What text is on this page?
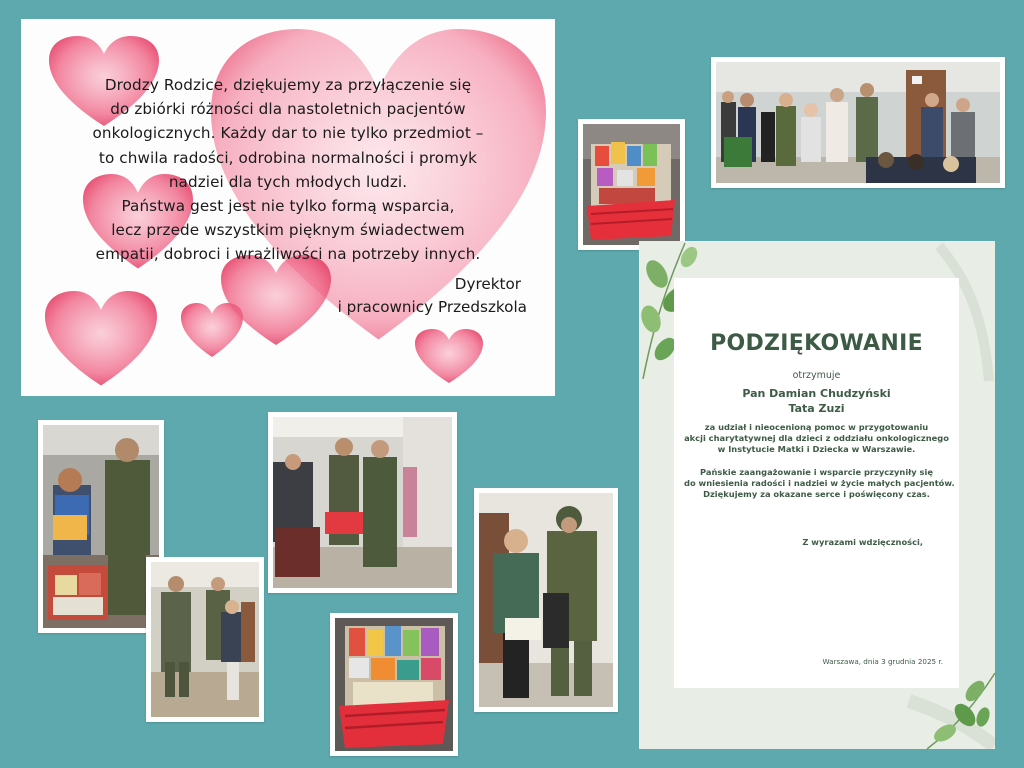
Drodzy Rodzice, dziękujemy za przyłączenie się
do zbiórki różności dla nastoletnich pacjentów
onkologicznych. Każdy dar to nie tylko przedmiot –
to chwila radości, odrobina normalności i promyk
nadziei dla tych młodych ludzi.
Państwa gest jest nie tylko formą wsparcia,
lecz przede wszystkim pięknym świadectwem
empatii, dobroci i wrażliwości na potrzeby innych.
Dyrektor
i pracownicy Przedszkola
PODZIĘKOWANIE
otrzymuje
Pan Damian Chudzyński
Tata Zuzi
za udział i nieocenioną pomoc w przygotowaniu
akcji charytatywnej dla dzieci z oddziału onkologicznego
w Instytucie Matki i Dziecka w Warszawie.

Pańskie zaangażowanie i wsparcie przyczyniły się
do wniesienia radości i nadziei w życie małych pacjentów.
Dziękujemy za okazane serce i poświęcony czas.
Z wyrazami wdzięczności,
Warszawa, dnia 3 grudnia 2025 r.
